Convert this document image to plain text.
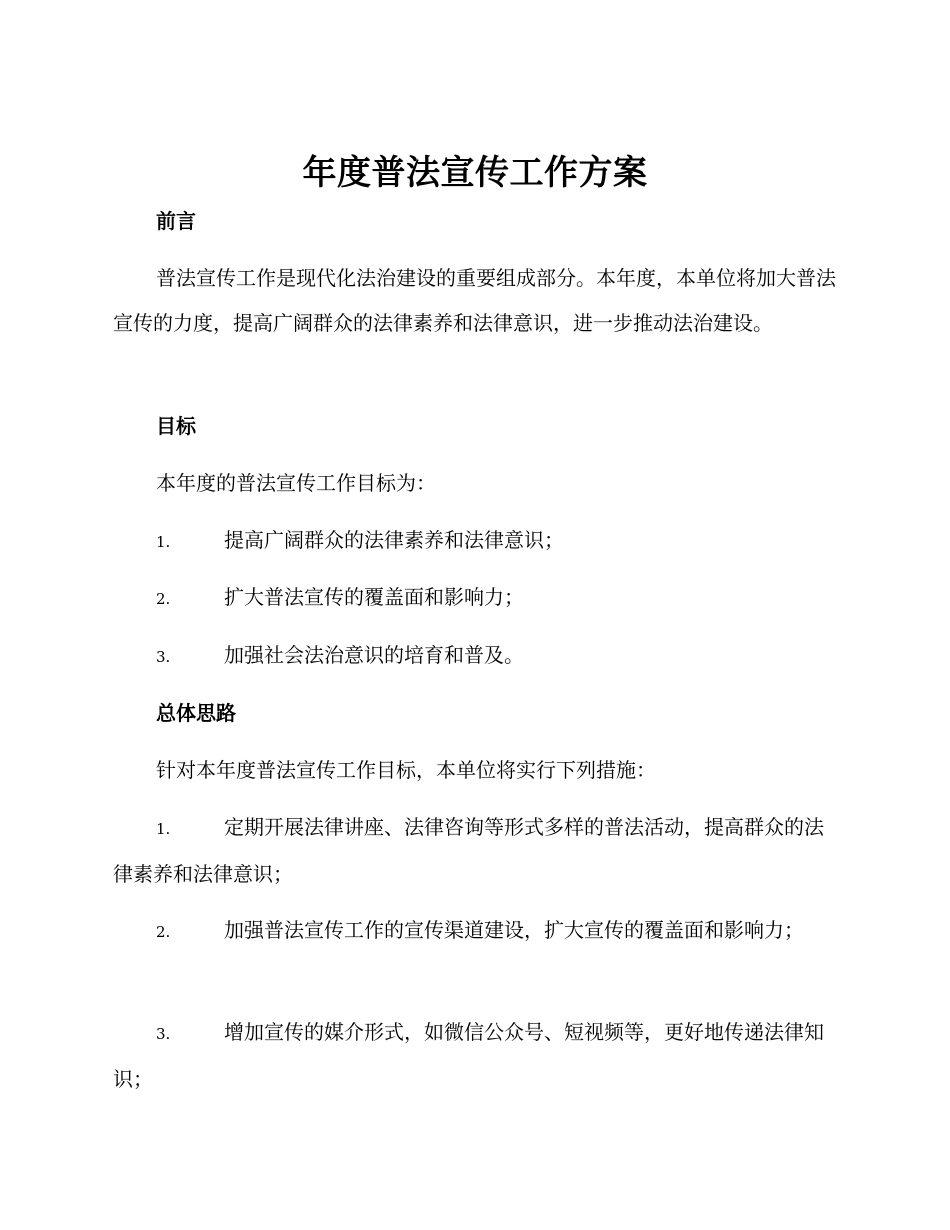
年度普法宣传工作方案
前言
普法宣传工作是现代化法治建设的重要组成部分。本年度，本单位将加大普法宣传的力度，提高广阔群众的法律素养和法律意识，进一步推动法治建设。
目标
本年度的普法宣传工作目标为：
1.	提高广阔群众的法律素养和法律意识；
2.	扩大普法宣传的覆盖面和影响力；
3.	加强社会法治意识的培育和普及。
总体思路
针对本年度普法宣传工作目标，本单位将实行下列措施：
1.	定期开展法律讲座、法律咨询等形式多样的普法活动，提高群众的法律素养和法律意识；
2.	加强普法宣传工作的宣传渠道建设，扩大宣传的覆盖面和影响力；
3.	增加宣传的媒介形式，如微信公众号、短视频等，更好地传递法律知识；
